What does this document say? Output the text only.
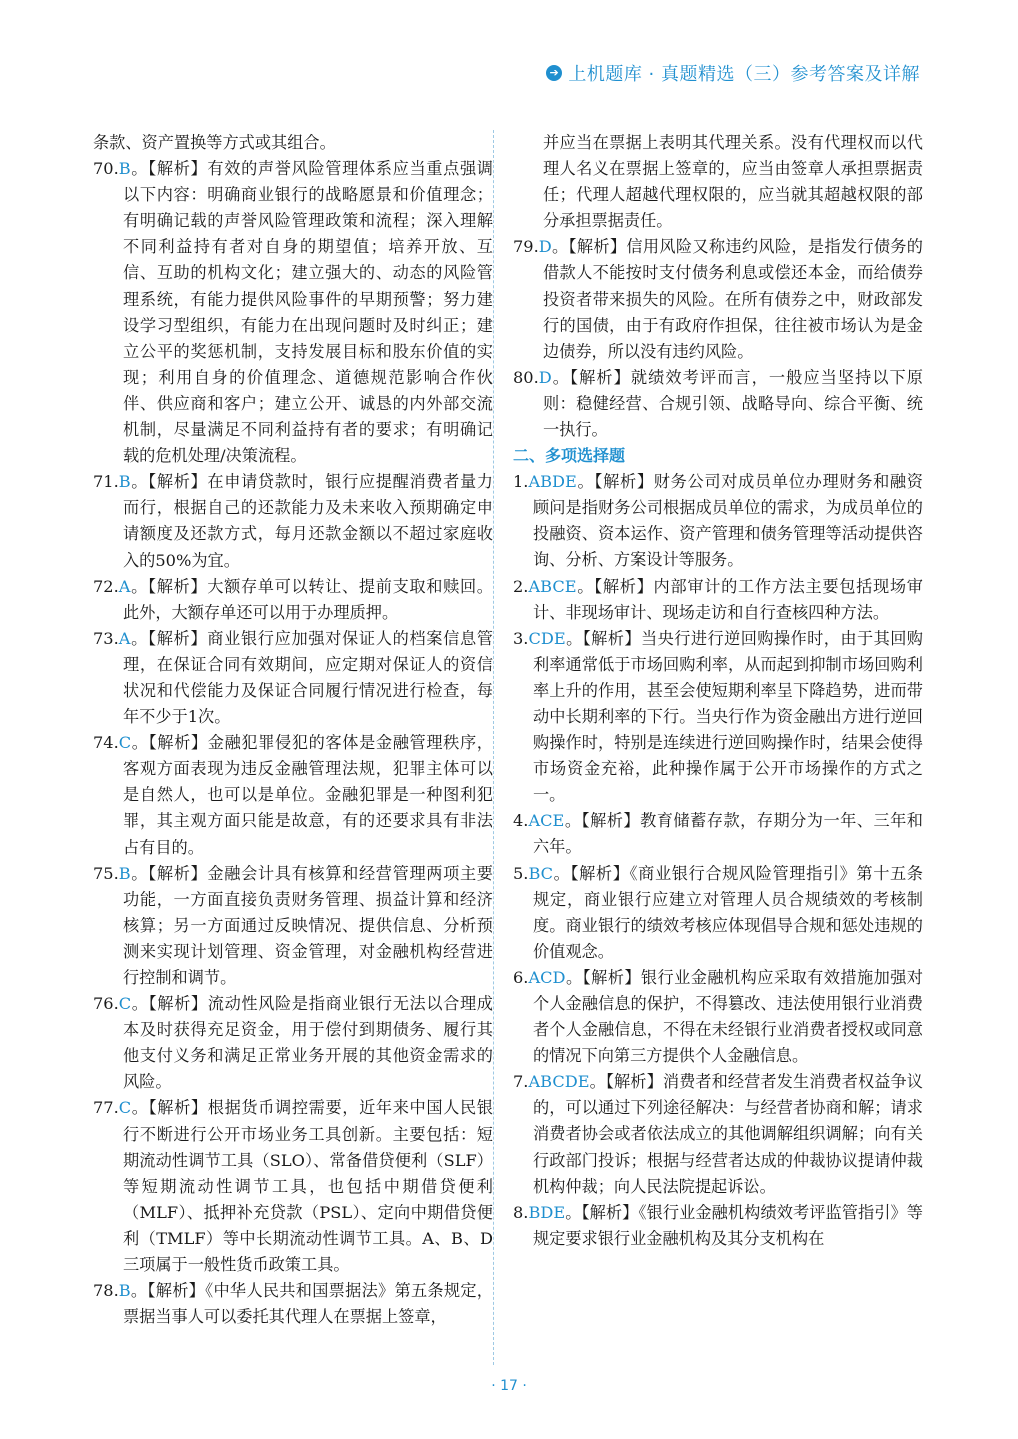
➔ 上机题库 · 真题精选（三）参考答案及详解

条款、资产置换等方式或其组合。

70.B。【解析】有效的声誉风险管理体系应当重点强调以下内容：明确商业银行的战略愿景和价值理念；有明确记载的声誉风险管理政策和流程；深入理解不同利益持有者对自身的期望值；培养开放、互信、互助的机构文化；建立强大的、动态的风险管理系统，有能力提供风险事件的早期预警；努力建设学习型组织，有能力在出现问题时及时纠正；建立公平的奖惩机制，支持发展目标和股东价值的实现；利用自身的价值理念、道德规范影响合作伙伴、供应商和客户；建立公开、诚恳的内外部交流机制，尽量满足不同利益持有者的要求；有明确记载的危机处理/决策流程。

71.B。【解析】在申请贷款时，银行应提醒消费者量力而行，根据自己的还款能力及未来收入预期确定申请额度及还款方式，每月还款金额以不超过家庭收入的50%为宜。

72.A。【解析】大额存单可以转让、提前支取和赎回。此外，大额存单还可以用于办理质押。

73.A。【解析】商业银行应加强对保证人的档案信息管理，在保证合同有效期间，应定期对保证人的资信状况和代偿能力及保证合同履行情况进行检查，每年不少于1次。

74.C。【解析】金融犯罪侵犯的客体是金融管理秩序，客观方面表现为违反金融管理法规，犯罪主体可以是自然人，也可以是单位。金融犯罪是一种图利犯罪，其主观方面只能是故意，有的还要求具有非法占有目的。

75.B。【解析】金融会计具有核算和经营管理两项主要功能，一方面直接负责财务管理、损益计算和经济核算；另一方面通过反映情况、提供信息、分析预测来实现计划管理、资金管理，对金融机构经营进行控制和调节。

76.C。【解析】流动性风险是指商业银行无法以合理成本及时获得充足资金，用于偿付到期债务、履行其他支付义务和满足正常业务开展的其他资金需求的风险。

77.C。【解析】根据货币调控需要，近年来中国人民银行不断进行公开市场业务工具创新。主要包括：短期流动性调节工具（SLO）、常备借贷便利（SLF）等短期流动性调节工具，也包括中期借贷便利（MLF）、抵押补充贷款（PSL）、定向中期借贷便利（TMLF）等中长期流动性调节工具。A、B、D三项属于一般性货币政策工具。

78.B。【解析】《中华人民共和国票据法》第五条规定，票据当事人可以委托其代理人在票据上签章，

并应当在票据上表明其代理关系。没有代理权而以代理人名义在票据上签章的，应当由签章人承担票据责任；代理人超越代理权限的，应当就其超越权限的部分承担票据责任。

79.D。【解析】信用风险又称违约风险，是指发行债务的借款人不能按时支付债务利息或偿还本金，而给债券投资者带来损失的风险。在所有债券之中，财政部发行的国债，由于有政府作担保，往往被市场认为是金边债券，所以没有违约风险。

80.D。【解析】就绩效考评而言，一般应当坚持以下原则：稳健经营、合规引领、战略导向、综合平衡、统一执行。

二、多项选择题

1.ABDE。【解析】财务公司对成员单位办理财务和融资顾问是指财务公司根据成员单位的需求，为成员单位的投融资、资本运作、资产管理和债务管理等活动提供咨询、分析、方案设计等服务。

2.ABCE。【解析】内部审计的工作方法主要包括现场审计、非现场审计、现场走访和自行查核四种方法。

3.CDE。【解析】当央行进行逆回购操作时，由于其回购利率通常低于市场回购利率，从而起到抑制市场回购利率上升的作用，甚至会使短期利率呈下降趋势，进而带动中长期利率的下行。当央行作为资金融出方进行逆回购操作时，特别是连续进行逆回购操作时，结果会使得市场资金充裕，此种操作属于公开市场操作的方式之一。

4.ACE。【解析】教育储蓄存款，存期分为一年、三年和六年。

5.BC。【解析】《商业银行合规风险管理指引》第十五条规定，商业银行应建立对管理人员合规绩效的考核制度。商业银行的绩效考核应体现倡导合规和惩处违规的价值观念。

6.ACD。【解析】银行业金融机构应采取有效措施加强对个人金融信息的保护，不得篡改、违法使用银行业消费者个人金融信息，不得在未经银行业消费者授权或同意的情况下向第三方提供个人金融信息。

7.ABCDE。【解析】消费者和经营者发生消费者权益争议的，可以通过下列途径解决：与经营者协商和解；请求消费者协会或者依法成立的其他调解组织调解；向有关行政部门投诉；根据与经营者达成的仲裁协议提请仲裁机构仲裁；向人民法院提起诉讼。

8.BDE。【解析】《银行业金融机构绩效考评监管指引》等规定要求银行业金融机构及其分支机构在

· 17 ·
